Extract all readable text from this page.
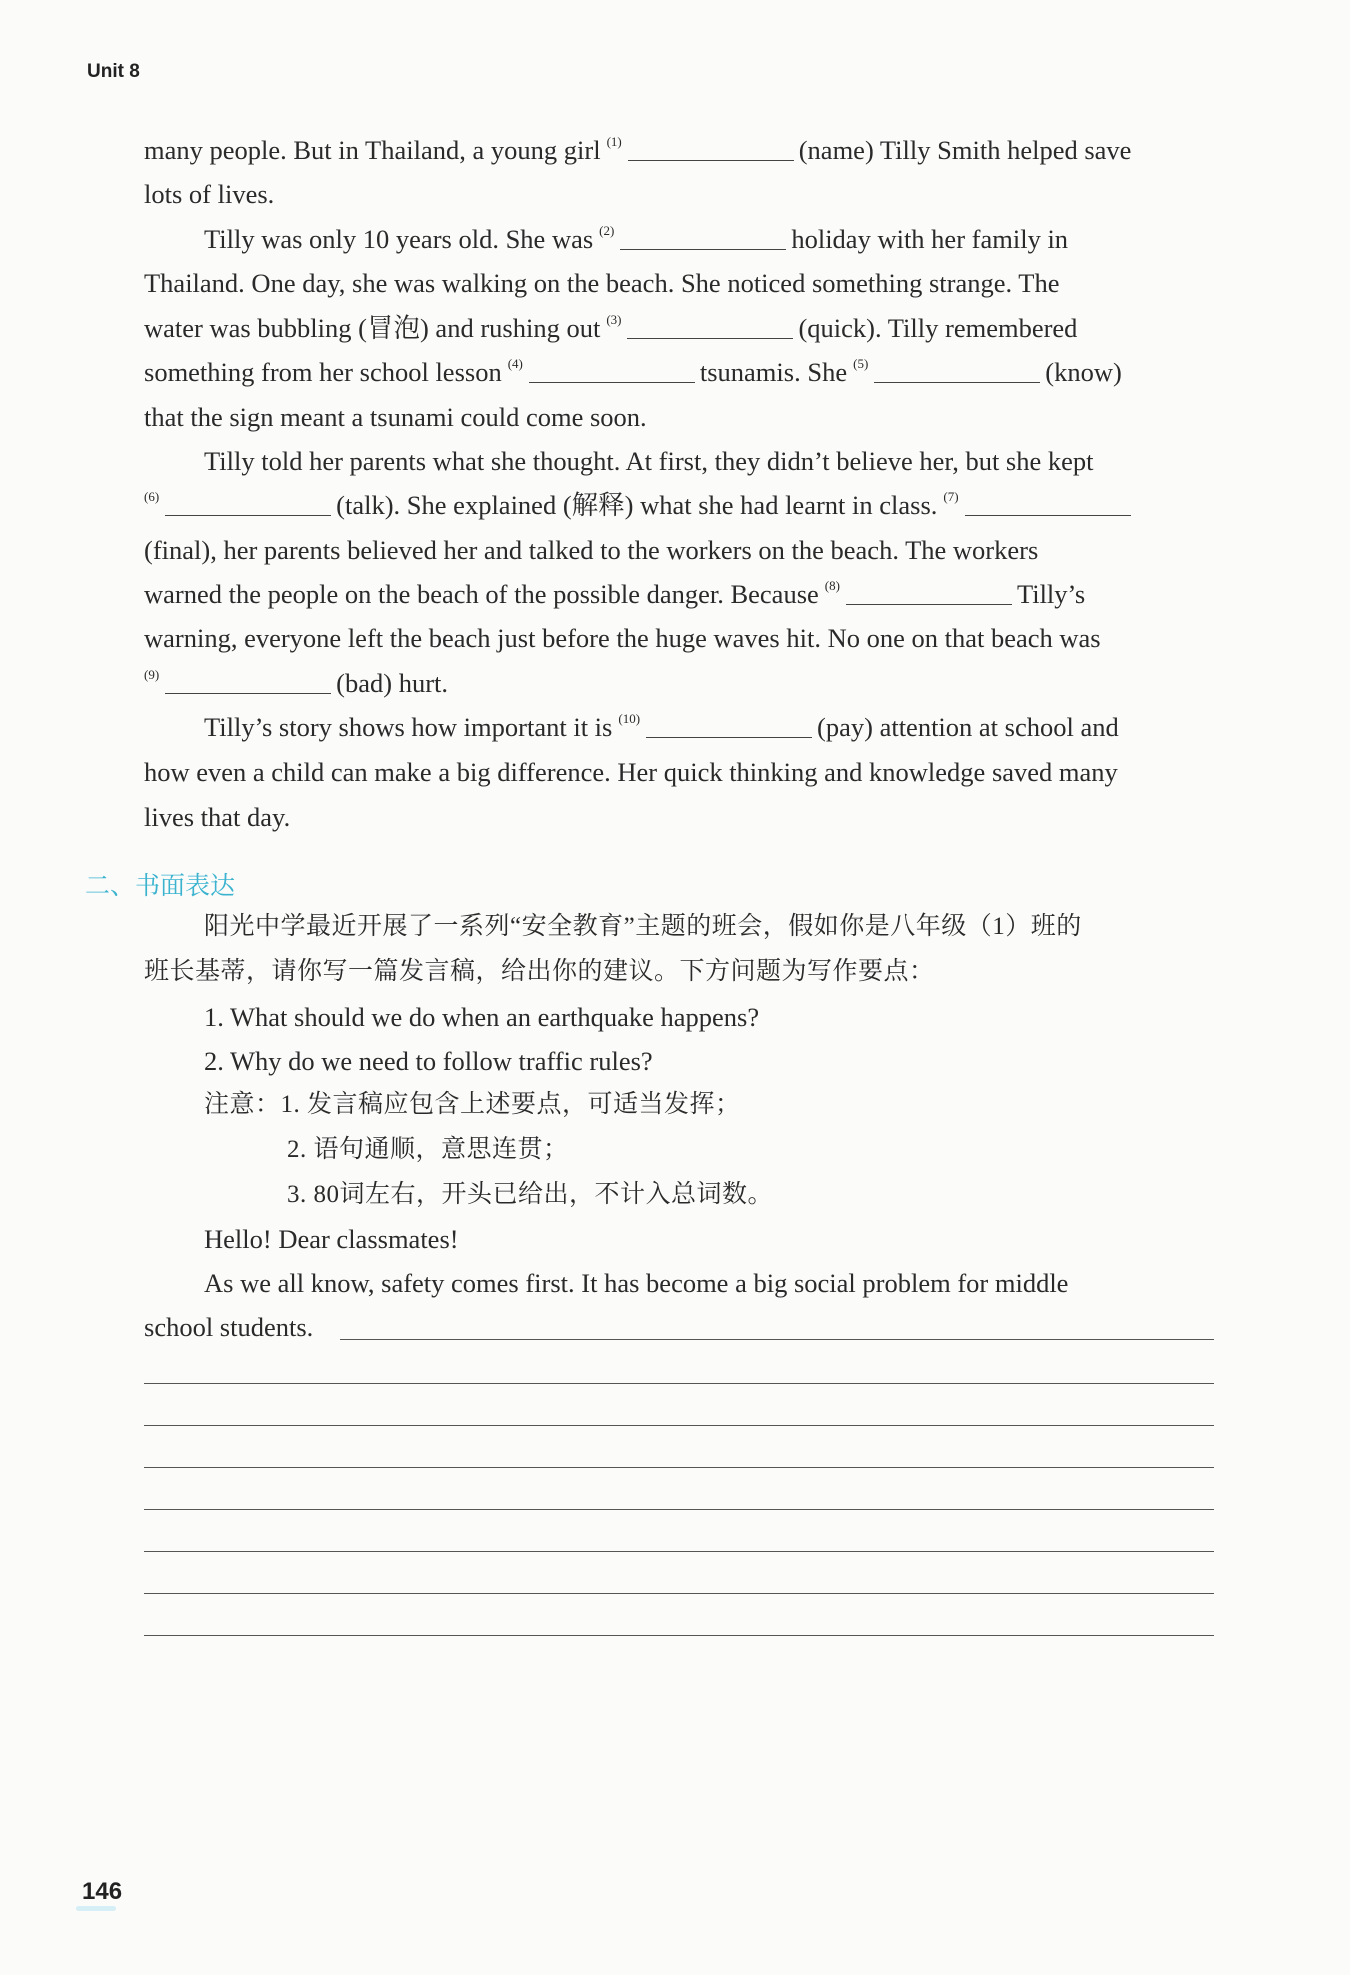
Unit 8
many people. But in Thailand, a young girl $^{(1)}$	(name) Tilly Smith helped save
lots of lives.
Tilly was only 10 years old. She was $^{(2)}$	holiday with her family in
Thailand. One day, she was walking on the beach. She noticed something strange. The
water was bubbling (冒泡) and rushing out $^{(3)}$	(quick). Tilly remembered
something from her school lesson $^{(4)}$	tsunamis. She $^{(5)}$	(know)
that the sign meant a tsunami could come soon.
Tilly told her parents what she thought. At first, they didn’t believe her, but she kept
$^{(6)}$	(talk). She explained (解释) what she had learnt in class. $^{(7)}$
(final), her parents believed her and talked to the workers on the beach. The workers
warned the people on the beach of the possible danger. Because $^{(8)}$	Tilly’s
warning, everyone left the beach just before the huge waves hit. No one on that beach was
$^{(9)}$	(bad) hurt.
Tilly’s story shows how important it is $^{(10)}$	(pay) attention at school and
how even a child can make a big difference. Her quick thinking and knowledge saved many
lives that day.
二、书面表达
阳光中学最近开展了一系列“安全教育”主题的班会，假如你是八年级（1）班的
班长基蒂，请你写一篇发言稿，给出你的建议。下方问题为写作要点：
1. What should we do when an earthquake happens?
2. Why do we need to follow traffic rules?
注意：1. 发言稿应包含上述要点，可适当发挥；
2. 语句通顺，意思连贯；
3. 80词左右，开头已给出，不计入总词数。
Hello! Dear classmates!
As we all know, safety comes first. It has become a big social problem for middle
school students.
146
